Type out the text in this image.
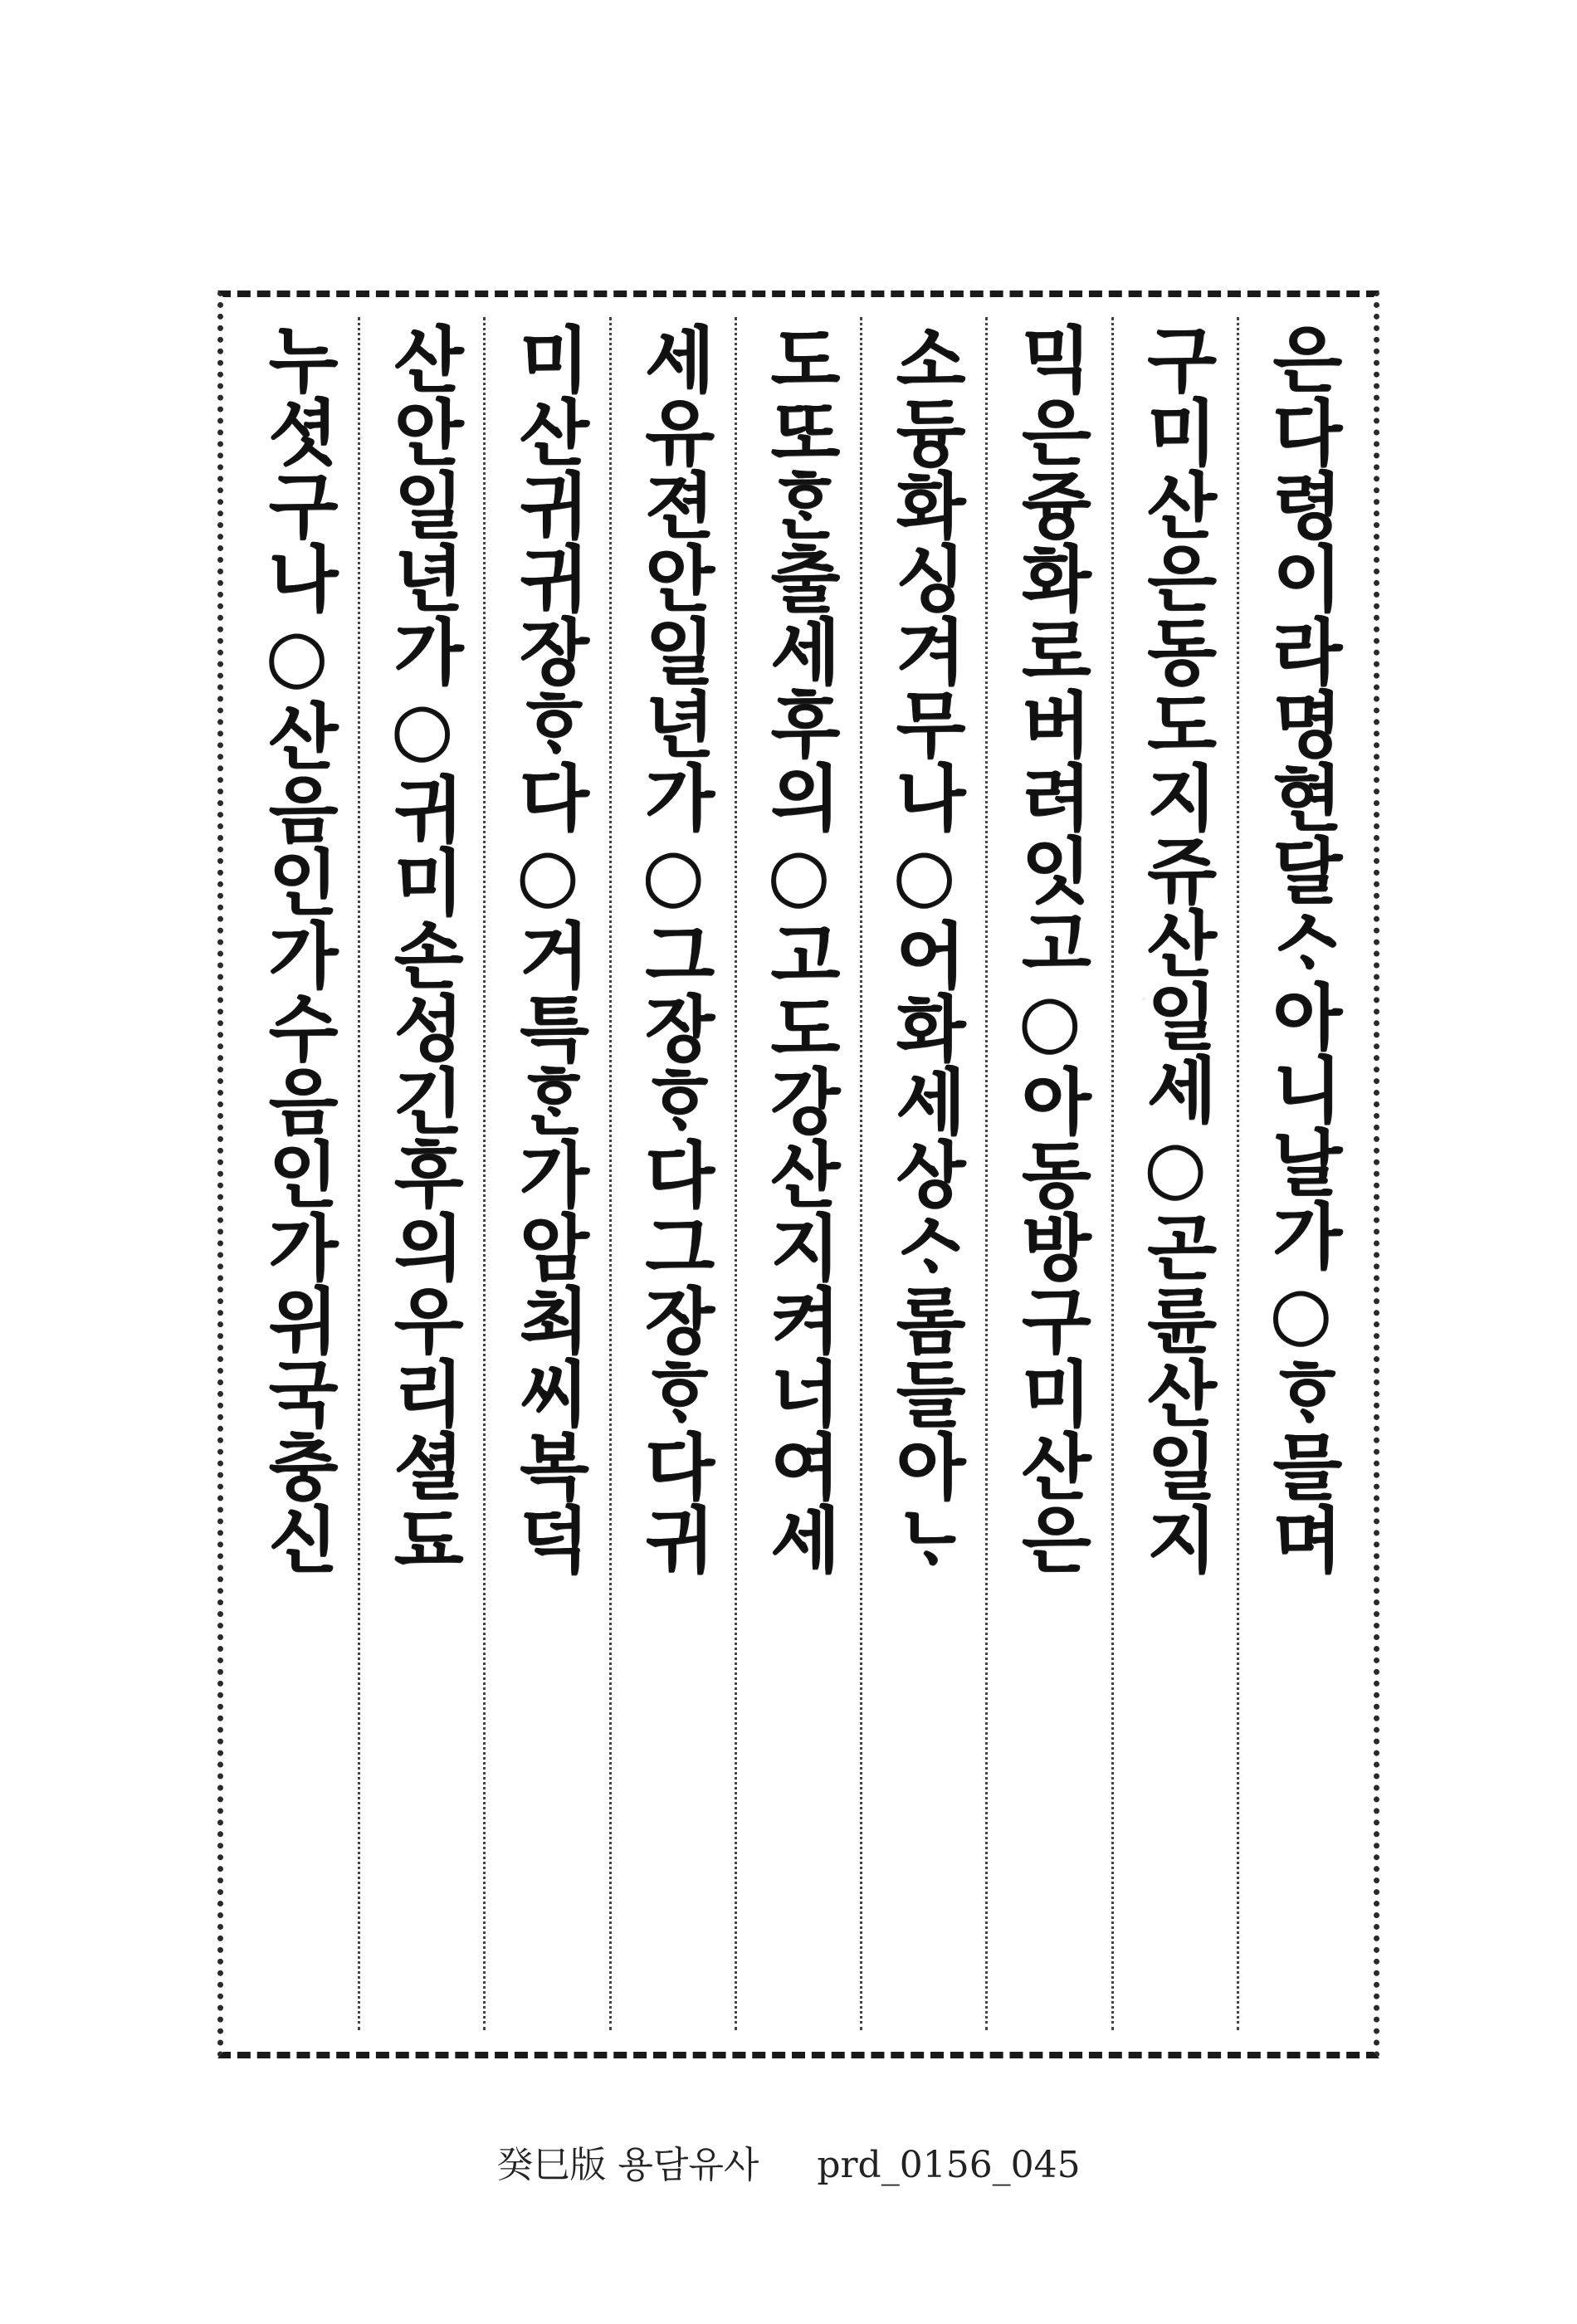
은다령이라명현달ᄉᆞ아니날가○ᄒᆞ믈며
구미산은동도지쥬산일세○곤륜산일지
믹은즁화로버려잇고○아동방구미산은
소듕화싱겨무나○어화세상ᄉᆞ롬들아ᄂᆞ
도또ᄒᆞᆫ출세후의○고도강산지켜너여세
세유젼안일년가○그장ᄒᆞ다그장ᄒᆞ다귀
미산귀귀장ᄒᆞ다○거특ᄒᆞᆫ가암최씨복덕
산안일년가○귀미손성긴후의우리셜됴
누셧구나○산음인가수음인가위국충신
癸巳版 용담유사 prd_0156_045
